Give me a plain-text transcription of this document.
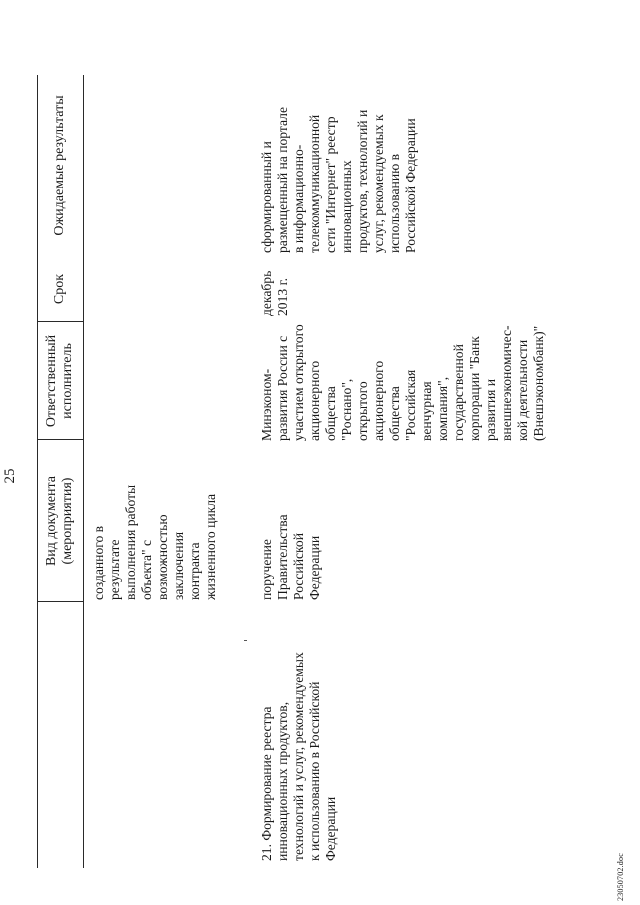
25
Вид документа
(мероприятия)
Ответственный
исполнитель
Срок
Ожидаемые результаты
созданного в
результате
выполнения работы
объекта" с
возможностью
заключения
контракта
жизненного цикла
21. Формирование реестра
инновационных продуктов,
технологий и услуг, рекомендуемых
к использованию в Российской
Федерации
поручение
Правительства
Российской
Федерации
Минэконом-
развития России с
участием открытого
акционерного
общества
"Роснано",
открытого
акционерного
общества
"Российская
венчурная
компания",
государственной
корпорации "Банк
развития и
внешнеэкономичес-
кой деятельности
(Внешэкономбанк)"
декабрь
2013 г.
сформированный и
размещенный на портале
в информационно-
телекоммуникационной
сети "Интернет" реестр
инновационных
продуктов, технологий и
услуг, рекомендуемых к
использованию в
Российской Федерации
23050702.doc
